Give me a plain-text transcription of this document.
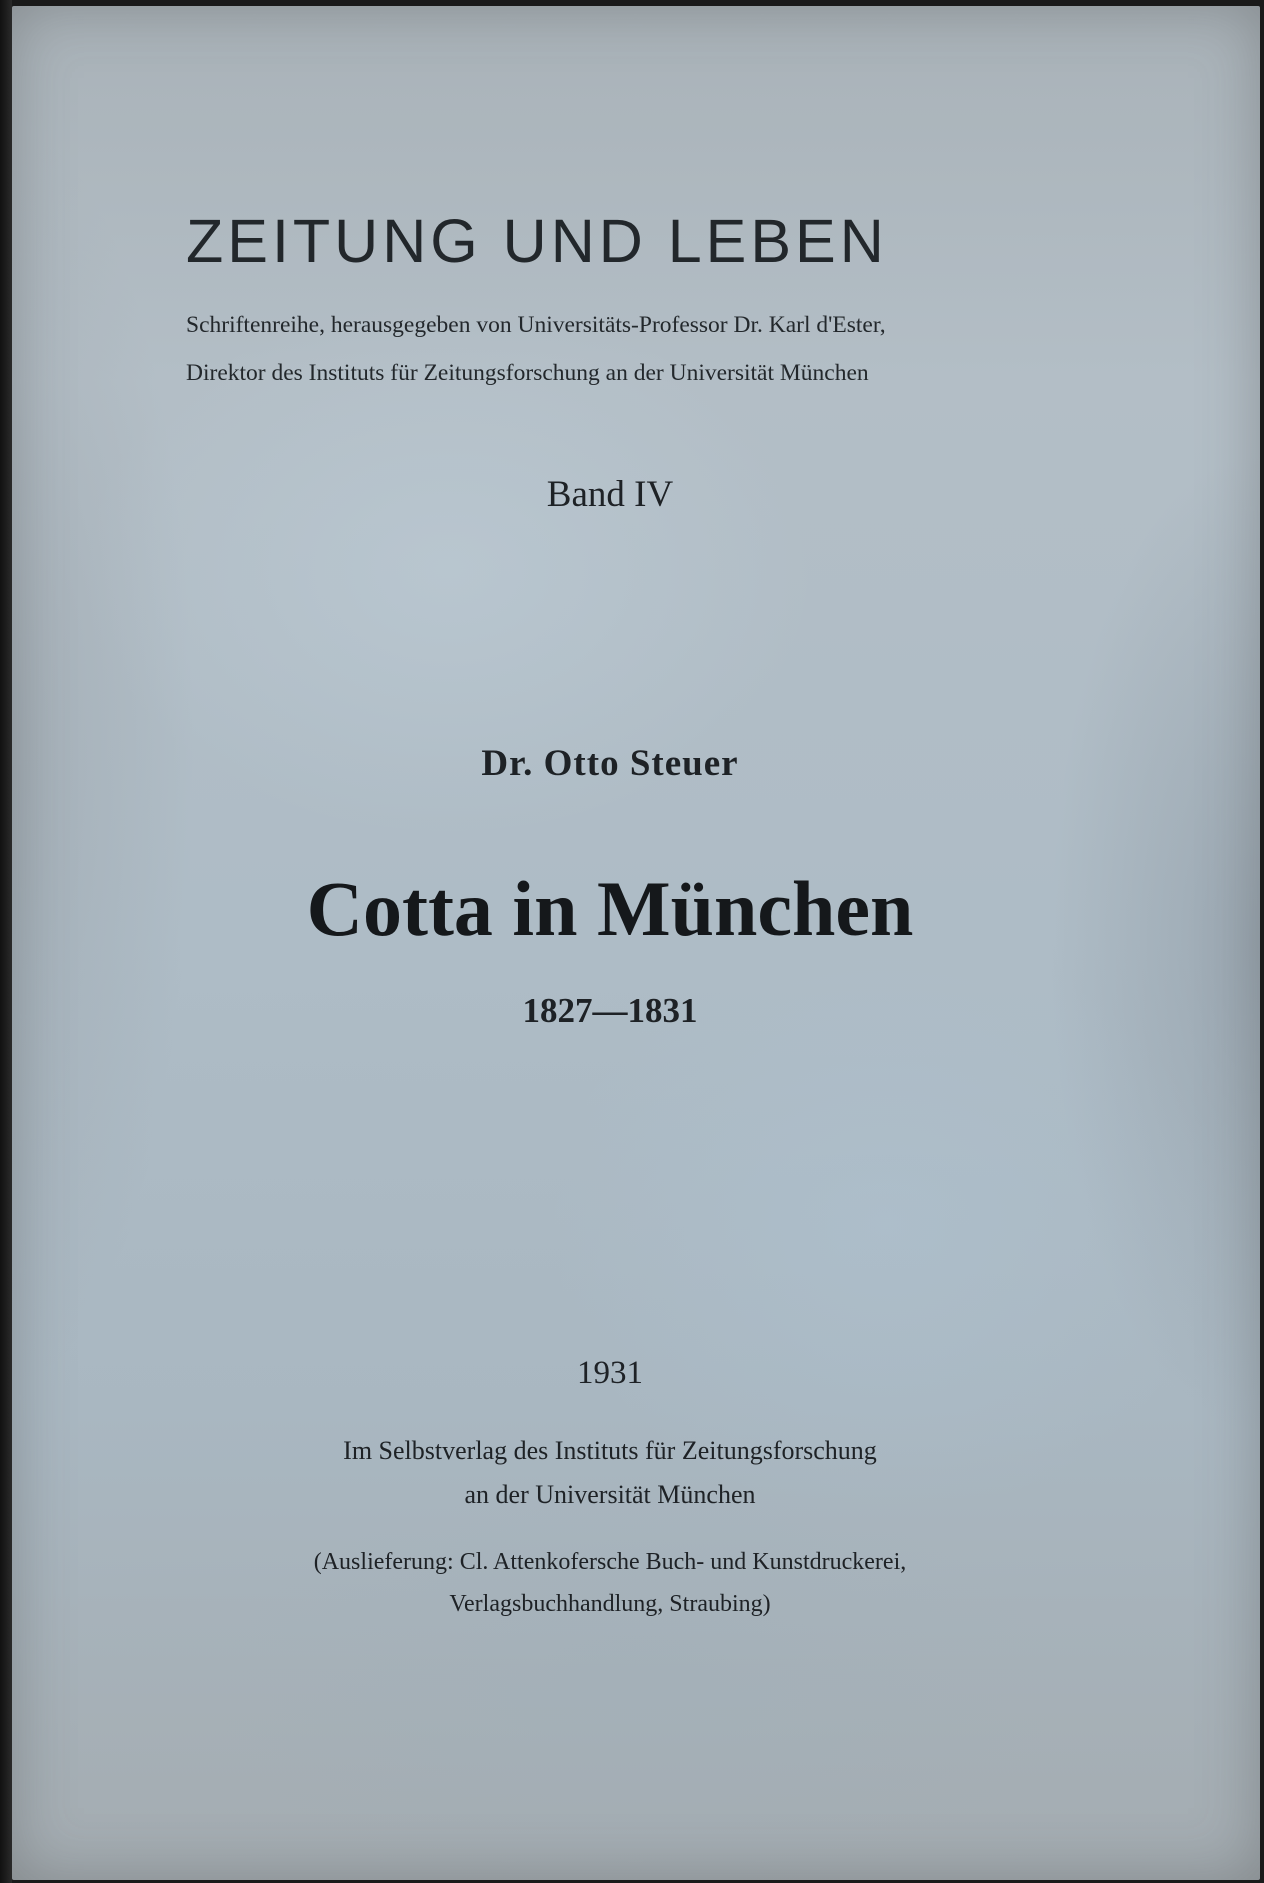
ZEITUNG UND LEBEN
Schriftenreihe, herausgegeben von Universitäts-Professor Dr. Karl d'Ester,
Direktor des Instituts für Zeitungsforschung an der Universität München
Band IV
Dr. Otto Steuer
Cotta in München
1827—1831
1931
Im Selbstverlag des Instituts für Zeitungsforschung
an der Universität München
(Auslieferung: Cl. Attenkofersche Buch- und Kunstdruckerei,
Verlagsbuchhandlung, Straubing)
